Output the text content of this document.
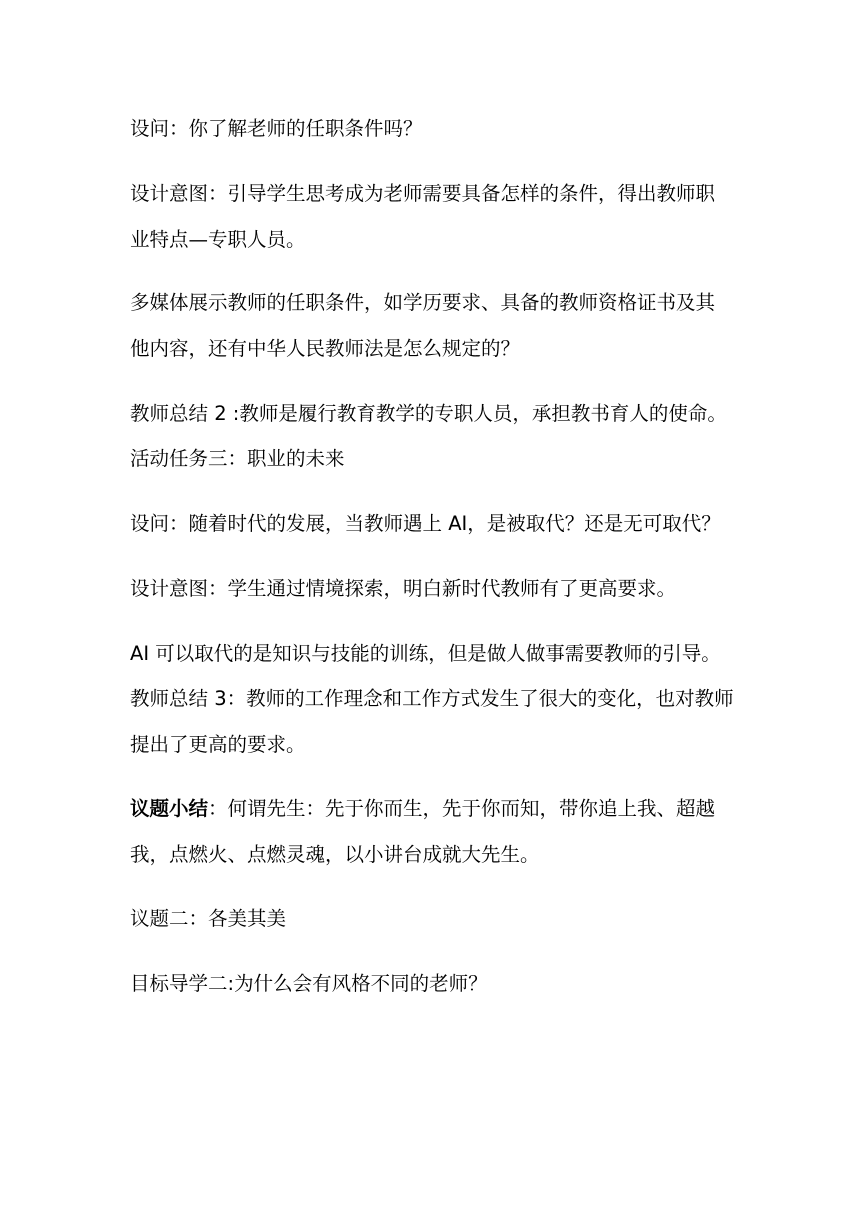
设问：你了解老师的任职条件吗？

设计意图：引导学生思考成为老师需要具备怎样的条件，得出教师职业特点—专职人员。

多媒体展示教师的任职条件，如学历要求、具备的教师资格证书及其他内容，还有中华人民教师法是怎么规定的？

教师总结 2 :教师是履行教育教学的专职人员，承担教书育人的使命。

活动任务三：职业的未来

设问：随着时代的发展，当教师遇上 AI，是被取代？还是无可取代？

设计意图：学生通过情境探索，明白新时代教师有了更高要求。

AI 可以取代的是知识与技能的训练，但是做人做事需要教师的引导。

教师总结 3：教师的工作理念和工作方式发生了很大的变化，也对教师提出了更高的要求。

议题小结：何谓先生：先于你而生，先于你而知，带你追上我、超越我，点燃火、点燃灵魂，以小讲台成就大先生。

议题二：各美其美

目标导学二:为什么会有风格不同的老师？
